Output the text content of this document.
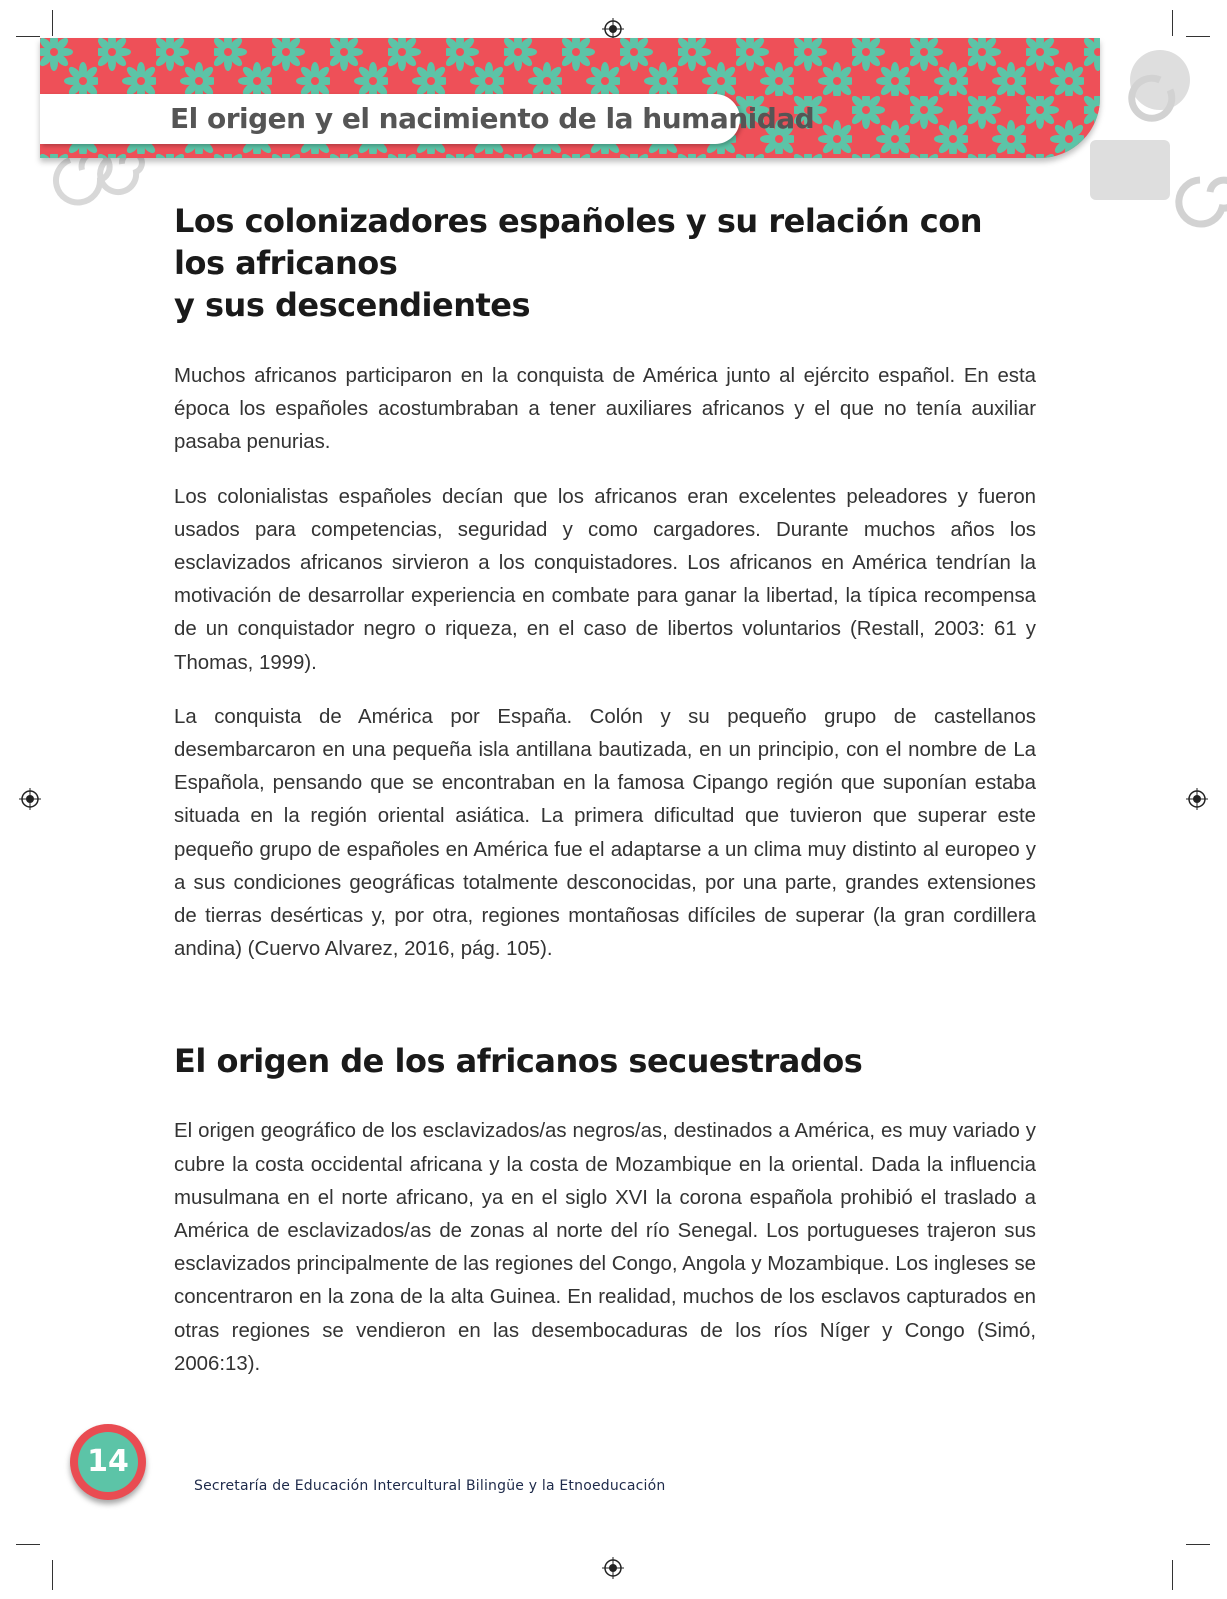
El origen y el nacimiento de la humanidad
Los colonizadores españoles y su relación con los africanos
y sus descendientes

Muchos africanos participaron en la conquista de América junto al ejército español. En esta época los españoles acostumbraban a tener auxiliares africanos y el que no tenía auxiliar pasaba penurias.

Los colonialistas españoles decían que los africanos eran excelentes peleadores y fueron usados para competencias, seguridad y como cargadores. Durante muchos años los esclavizados africanos sirvieron a los conquistadores. Los africanos en América tendrían la motivación de desarrollar experiencia en combate para ganar la libertad, la típica recompensa de un conquistador negro o riqueza, en el caso de libertos voluntarios (Restall, 2003: 61 y Thomas, 1999).

La conquista de América por España. Colón y su pequeño grupo de castellanos desembarcaron en una pequeña isla antillana bautizada, en un principio, con el nombre de La Española, pensando que se encontraban en la famosa Cipango región que suponían estaba situada en la región oriental asiática. La primera dificultad que tuvieron que superar este pequeño grupo de españoles en América fue el adaptarse a un clima muy distinto al europeo y a sus condiciones geográficas totalmente desconocidas, por una parte, grandes extensiones de tierras desérticas y, por otra, regiones montañosas difíciles de superar (la gran cordillera andina) (Cuervo Alvarez, 2016, pág. 105).

El origen de los africanos secuestrados

El origen geográfico de los esclavizados/as negros/as, destinados a América, es muy variado y cubre la costa occidental africana y la costa de Mozambique en la oriental. Dada la influencia musulmana en el norte africano, ya en el siglo XVI la corona española prohibió el traslado a América de esclavizados/as de zonas al norte del río Senegal. Los portugueses trajeron sus esclavizados principalmente de las regiones del Congo, Angola y Mozambique. Los ingleses se concentraron en la zona de la alta Guinea. En realidad, muchos de los esclavos capturados en otras regiones se vendieron en las desembocaduras de los ríos Níger y Congo (Simó, 2006:13).

14
Secretaría de Educación Intercultural Bilingüe y la Etnoeducación
